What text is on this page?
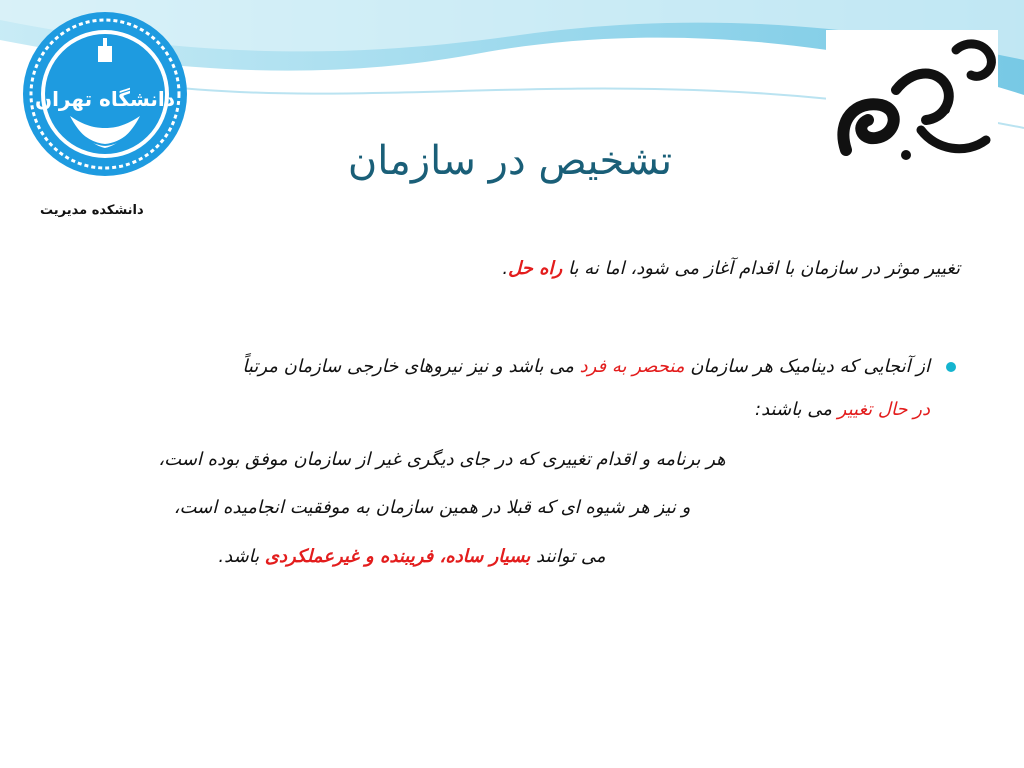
دانشگاه تهران
دانشکده مدیریت
تشخیص در سازمان
تغییر موثر در سازمان با اقدام آغاز می شود، اما نه با راه حل.
از آنجایی که دینامیک هر سازمان منحصر به فرد می باشد و نیز نیروهای خارجی سازمان مرتباً
در حال تغییر می باشند:
هر برنامه و اقدام تغییری که در جای دیگری غیر از سازمان موفق بوده است،
و نیز هر شیوه ای که قبلا در همین سازمان به موفقیت انجامیده است،
می توانند بسیار ساده، فریبنده و غیرعملکردی باشد.
